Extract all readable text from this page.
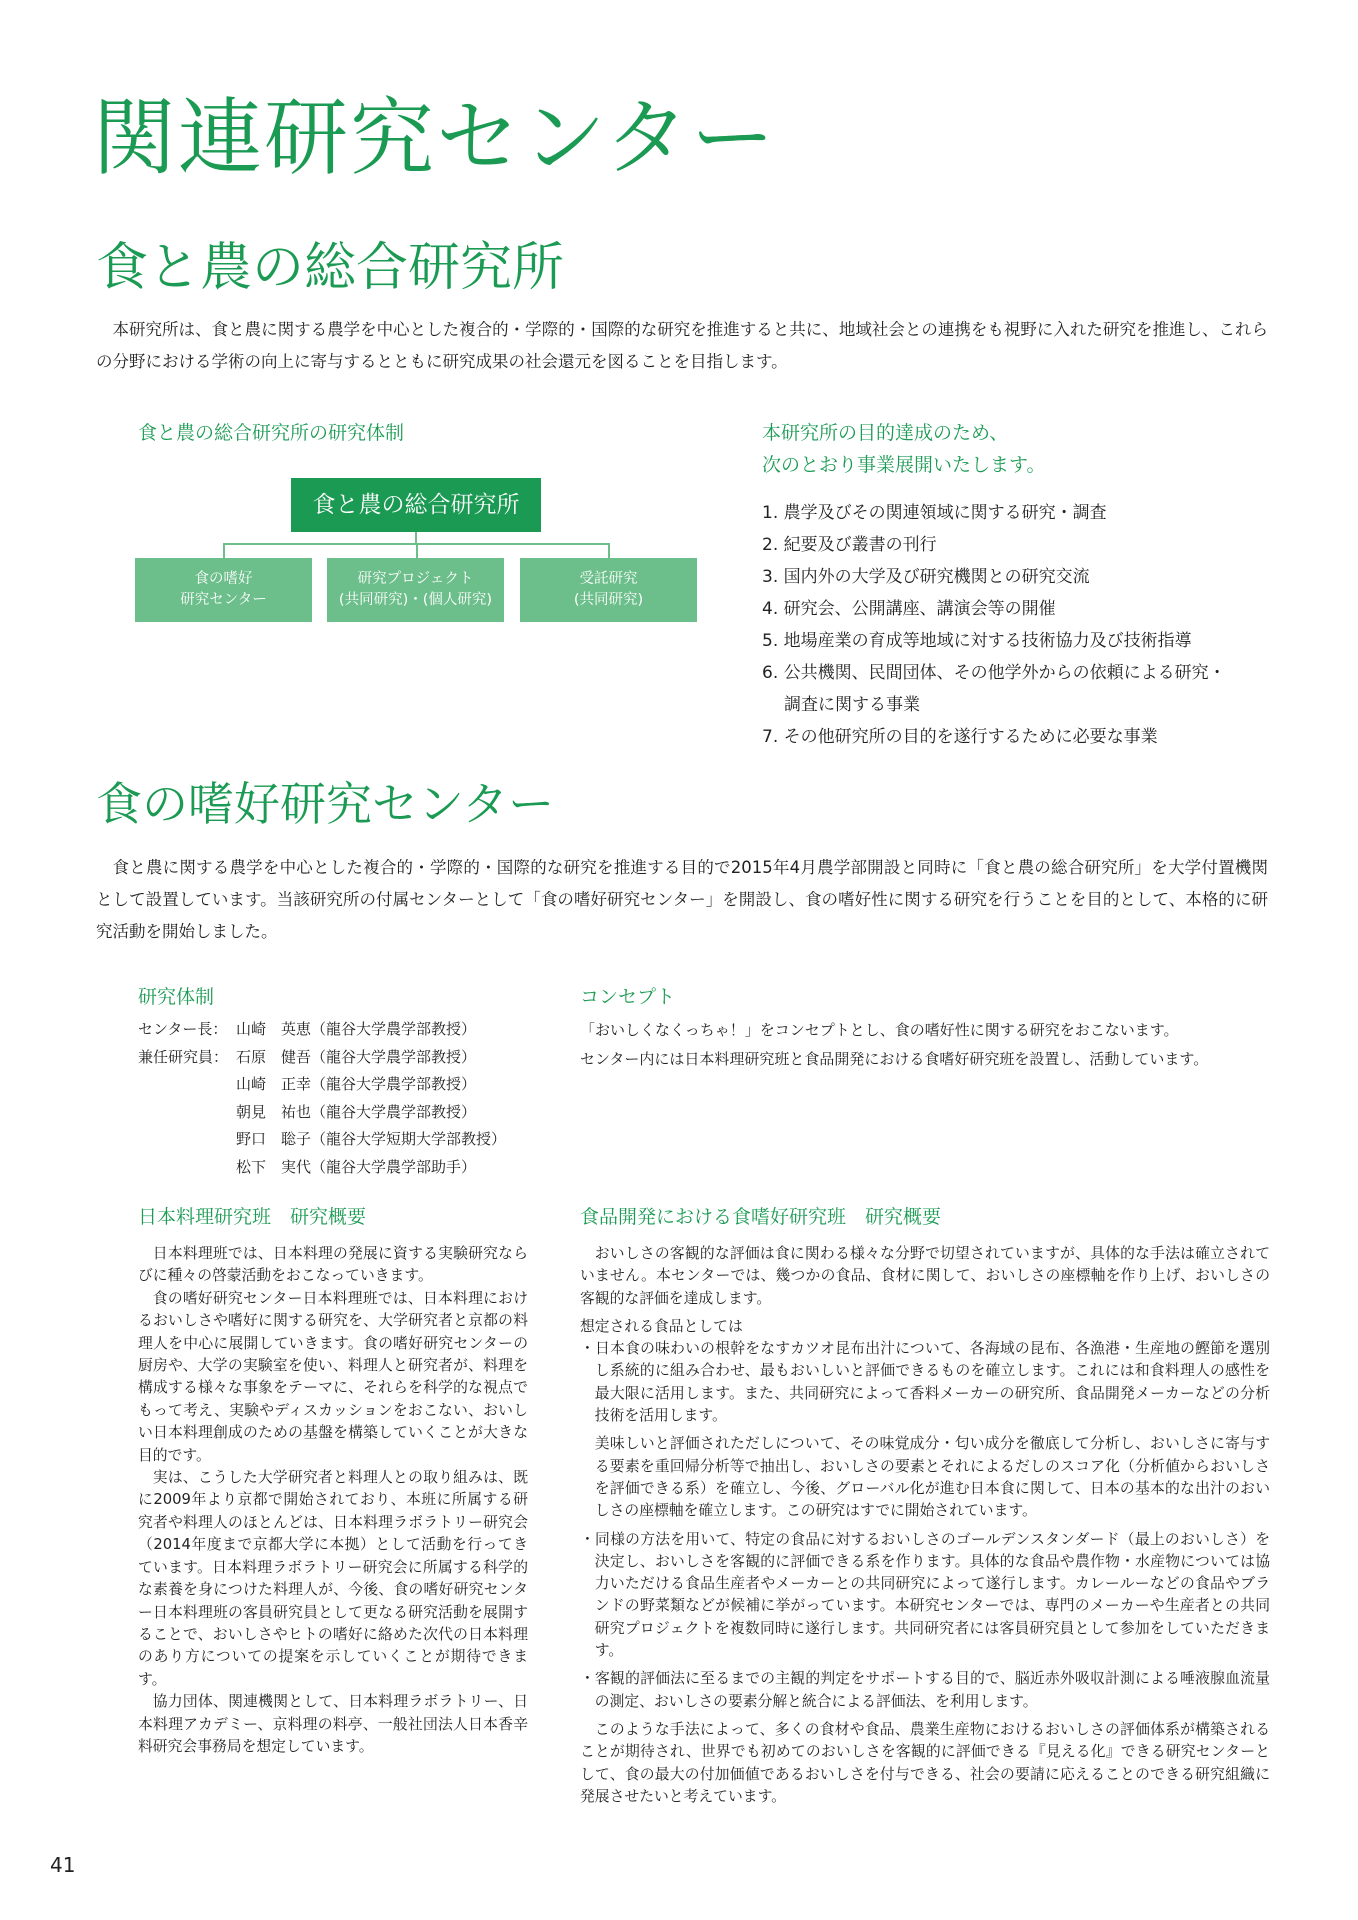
関連研究センター
食と農の総合研究所
本研究所は、食と農に関する農学を中心とした複合的・学際的・国際的な研究を推進すると共に、地域社会との連携をも視野に入れた研究を推進し、これらの分野における学術の向上に寄与するとともに研究成果の社会還元を図ることを目指します。
食と農の総合研究所の研究体制
食と農の総合研究所
食の嗜好
研究センター
研究プロジェクト
(共同研究)・(個人研究)
受託研究
(共同研究)
本研究所の目的達成のため、
次のとおり事業展開いたします。
1. 農学及びその関連領域に関する研究・調査
2. 紀要及び叢書の刊行
3. 国内外の大学及び研究機関との研究交流
4. 研究会、公開講座、講演会等の開催
5. 地場産業の育成等地域に対する技術協力及び技術指導
6. 公共機関、民間団体、その他学外からの依頼による研究・
調査に関する事業
7. その他研究所の目的を遂行するために必要な事業
食の嗜好研究センター
食と農に関する農学を中心とした複合的・学際的・国際的な研究を推進する目的で2015年4月農学部開設と同時に「食と農の総合研究所」を大学付置機関として設置しています。当該研究所の付属センターとして「食の嗜好研究センター」を開設し、食の嗜好性に関する研究を行うことを目的として、本格的に研究活動を開始しました。
研究体制
センター長： 山崎　英恵（龍谷大学農学部教授）
兼任研究員： 石原　健吾（龍谷大学農学部教授）
山崎　正幸（龍谷大学農学部教授）
朝見　祐也（龍谷大学農学部教授）
野口　聡子（龍谷大学短期大学部教授）
松下　実代（龍谷大学農学部助手）
コンセプト
「おいしくなくっちゃ！」をコンセプトとし、食の嗜好性に関する研究をおこないます。
センター内には日本料理研究班と食品開発における食嗜好研究班を設置し、活動しています。
日本料理研究班　研究概要

日本料理班では、日本料理の発展に資する実験研究ならびに種々の啓蒙活動をおこなっていきます。

食の嗜好研究センター日本料理班では、日本料理におけるおいしさや嗜好に関する研究を、大学研究者と京都の料理人を中心に展開していきます。食の嗜好研究センターの厨房や、大学の実験室を使い、料理人と研究者が、料理を構成する様々な事象をテーマに、それらを科学的な視点でもって考え、実験やディスカッションをおこない、おいしい日本料理創成のための基盤を構築していくことが大きな目的です。

実は、こうした大学研究者と料理人との取り組みは、既に2009年より京都で開始されており、本班に所属する研究者や料理人のほとんどは、日本料理ラボラトリー研究会（2014年度まで京都大学に本拠）として活動を行ってきています。日本料理ラボラトリー研究会に所属する科学的な素養を身につけた料理人が、今後、食の嗜好研究センター日本料理班の客員研究員として更なる研究活動を展開することで、おいしさやヒトの嗜好に絡めた次代の日本料理のあり方についての提案を示していくことが期待できます。

協力団体、関連機関として、日本料理ラボラトリー、日本料理アカデミー、京料理の料亭、一般社団法人日本香辛料研究会事務局を想定しています。

食品開発における食嗜好研究班　研究概要

おいしさの客観的な評価は食に関わる様々な分野で切望されていますが、具体的な手法は確立されていません。本センターでは、幾つかの食品、食材に関して、おいしさの座標軸を作り上げ、おいしさの客観的な評価を達成します。

想定される食品としては

・日本食の味わいの根幹をなすカツオ昆布出汁について、各海域の昆布、各漁港・生産地の鰹節を選別し系統的に組み合わせ、最もおいしいと評価できるものを確立します。これには和食料理人の感性を最大限に活用します。また、共同研究によって香料メーカーの研究所、食品開発メーカーなどの分析技術を活用します。

美味しいと評価されただしについて、その味覚成分・匂い成分を徹底して分析し、おいしさに寄与する要素を重回帰分析等で抽出し、おいしさの要素とそれによるだしのスコア化（分析値からおいしさを評価できる系）を確立し、今後、グローバル化が進む日本食に関して、日本の基本的な出汁のおいしさの座標軸を確立します。この研究はすでに開始されています。

・同様の方法を用いて、特定の食品に対するおいしさのゴールデンスタンダード（最上のおいしさ）を決定し、おいしさを客観的に評価できる系を作ります。具体的な食品や農作物・水産物については協力いただける食品生産者やメーカーとの共同研究によって遂行します。カレールーなどの食品やブランドの野菜類などが候補に挙がっています。本研究センターでは、専門のメーカーや生産者との共同研究プロジェクトを複数同時に遂行します。共同研究者には客員研究員として参加をしていただきます。

・客観的評価法に至るまでの主観的判定をサポートする目的で、脳近赤外吸収計測による唾液腺血流量の測定、おいしさの要素分解と統合による評価法、を利用します。

このような手法によって、多くの食材や食品、農業生産物におけるおいしさの評価体系が構築されることが期待され、世界でも初めてのおいしさを客観的に評価できる『見える化』できる研究センターとして、食の最大の付加価値であるおいしさを付与できる、社会の要請に応えることのできる研究組織に発展させたいと考えています。

41
